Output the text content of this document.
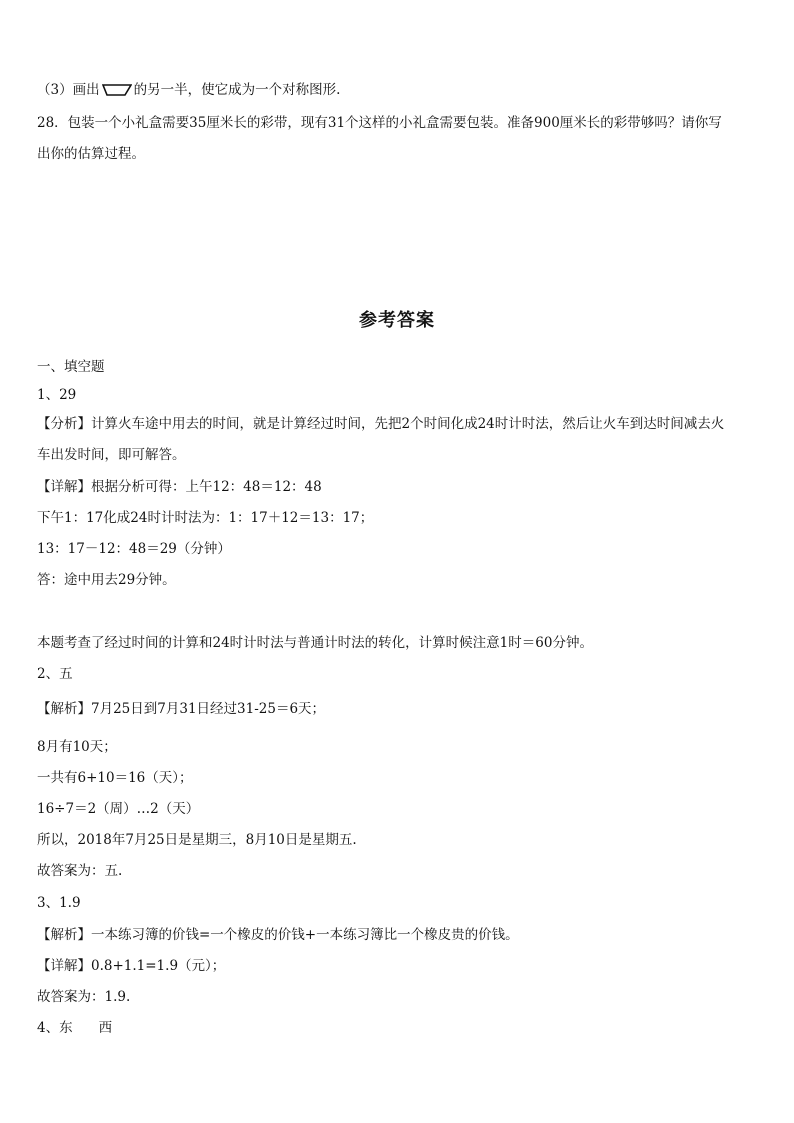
（3）画出	的另一半，使它成为一个对称图形.
28．包装一个小礼盒需要35厘米长的彩带，现有31个这样的小礼盒需要包装。准备900厘米长的彩带够吗？请你写
出你的估算过程。
参考答案
一、填空题
1、29
【分析】计算火车途中用去的时间，就是计算经过时间，先把2个时间化成24时计时法，然后让火车到达时间减去火
车出发时间，即可解答。
【详解】根据分析可得：上午12：48＝12：48
下午1：17化成24时计时法为：1：17＋12＝13：17；
13：17－12：48＝29（分钟）
答：途中用去29分钟。
本题考查了经过时间的计算和24时计时法与普通计时法的转化，计算时候注意1时＝60分钟。
2、五
【解析】7月25日到7月31日经过31-25＝6天；
8月有10天；
一共有6+10＝16（天）；
16÷7＝2（周）…2（天）
所以，2018年7月25日是星期三，8月10日是星期五.
故答案为：五.
3、1.9
【解析】一本练习簿的价钱=一个橡皮的价钱+一本练习簿比一个橡皮贵的价钱。
【详解】0.8+1.1=1.9（元）；
故答案为：1.9.
4、东 西
